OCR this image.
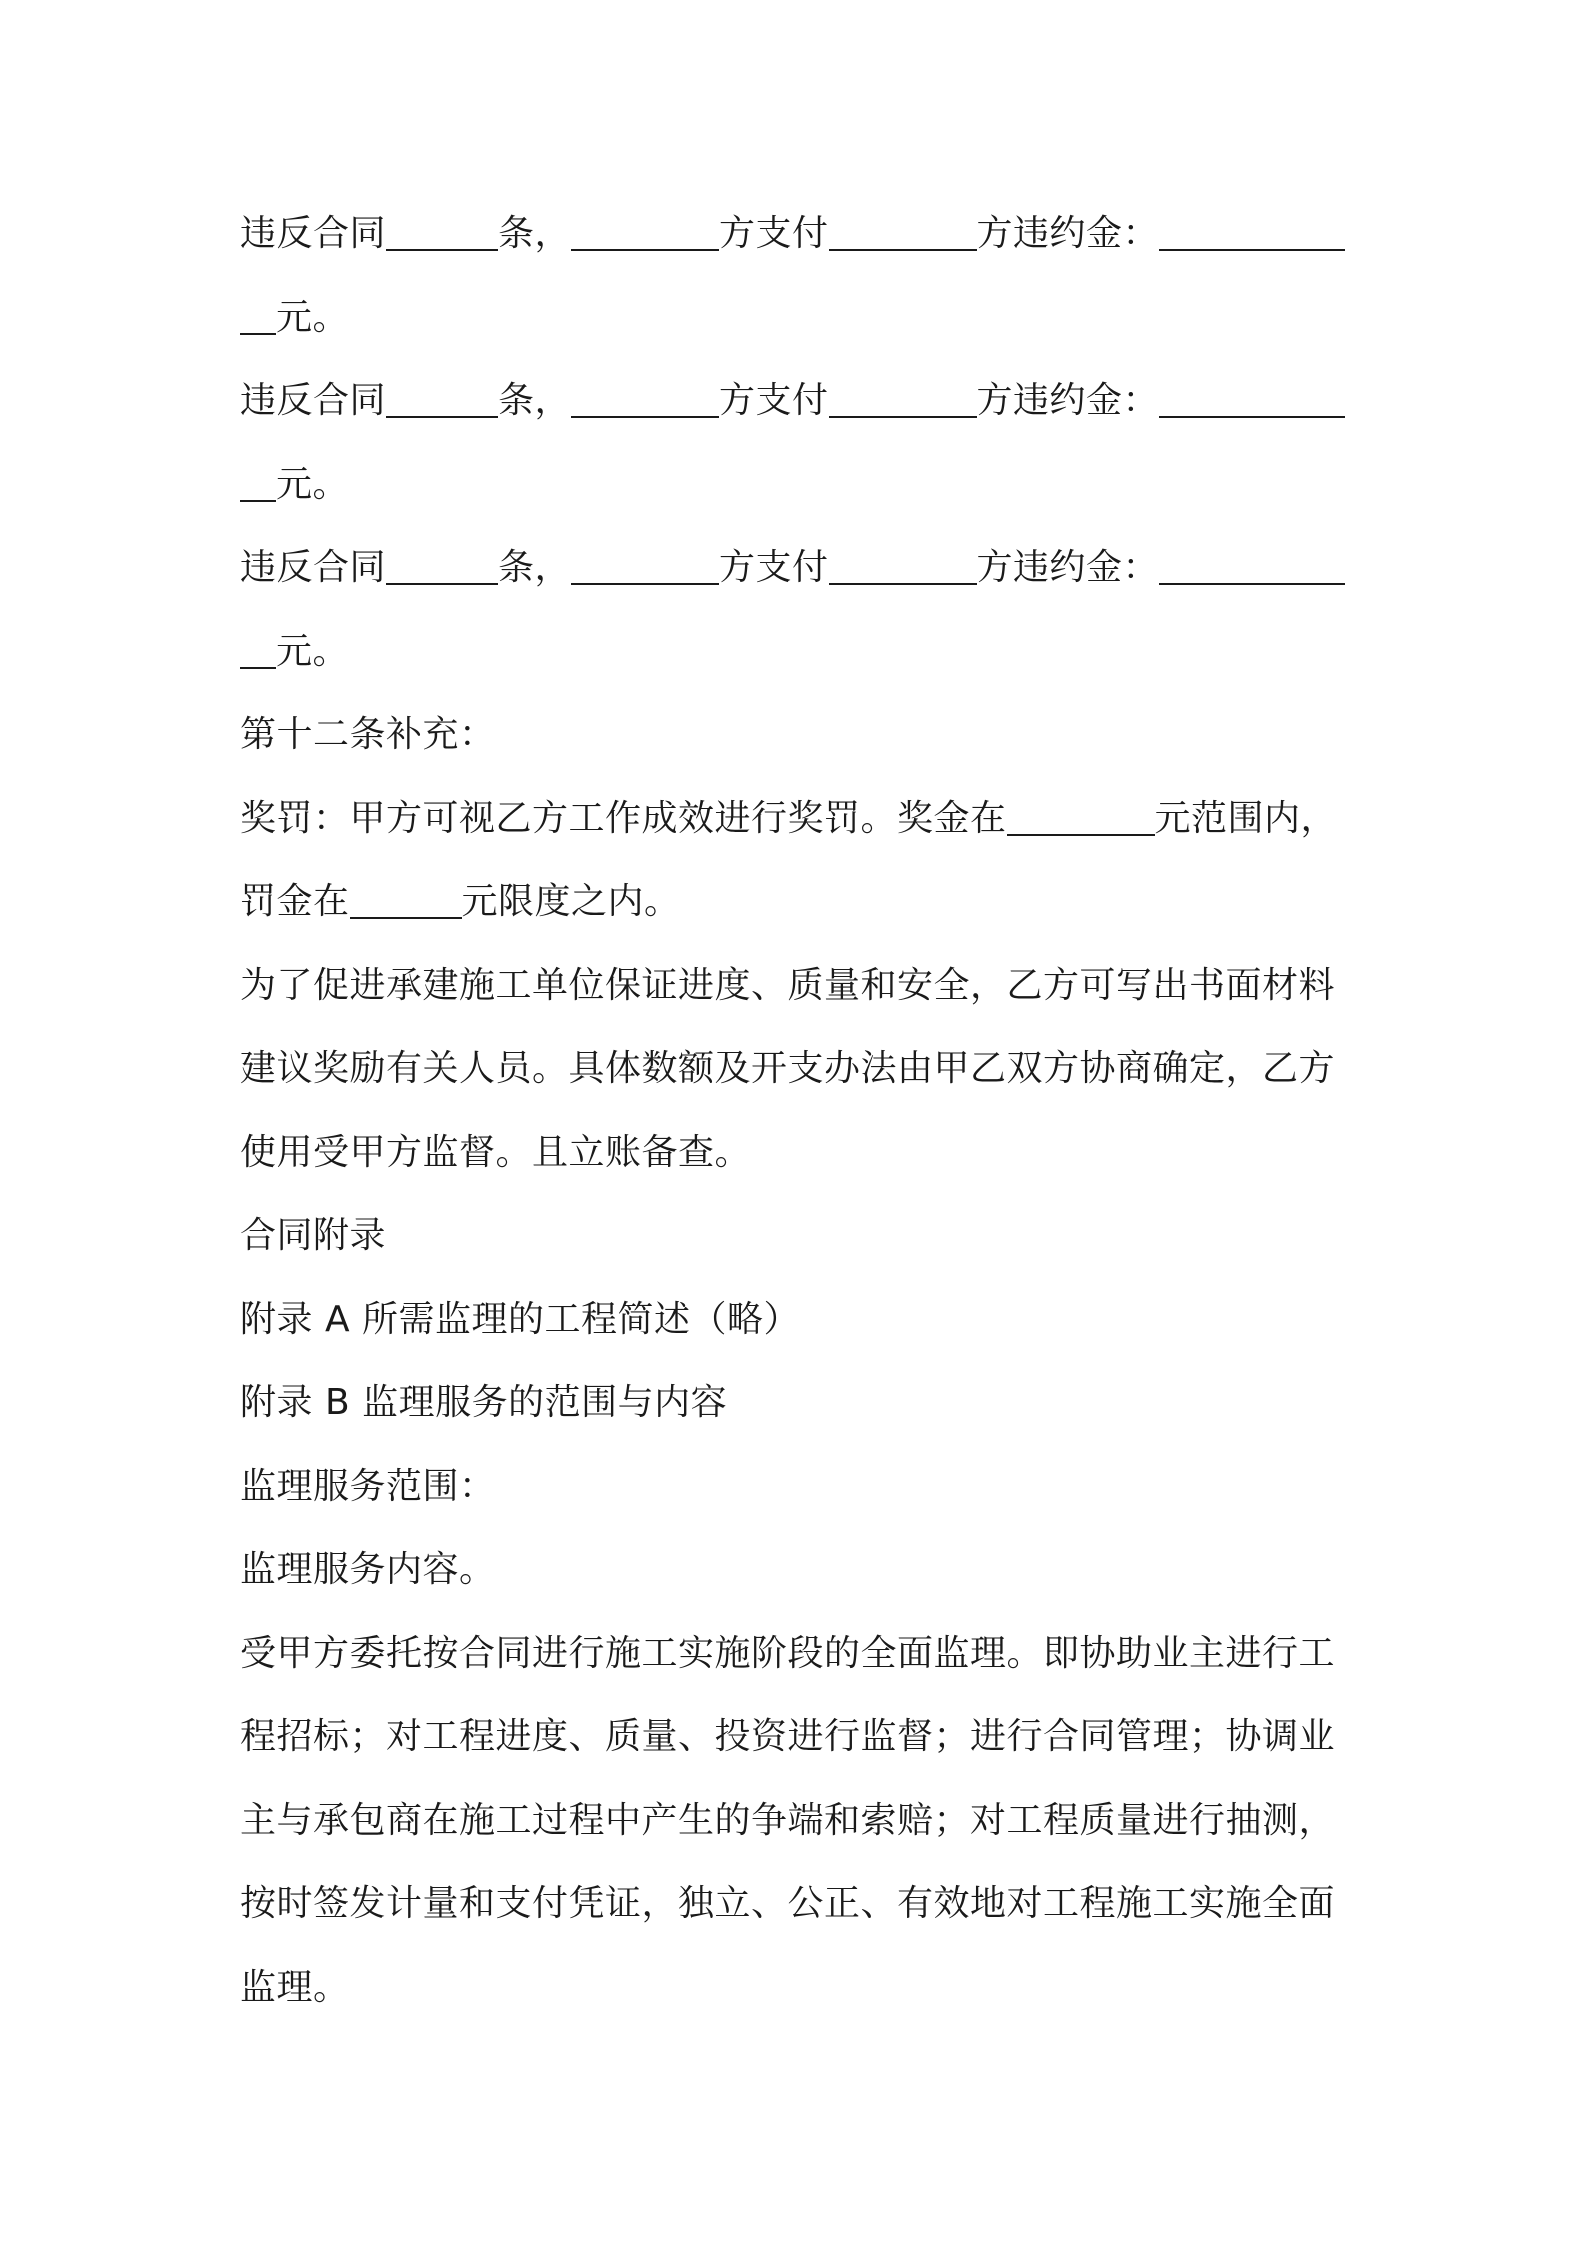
违反合同	条，	方支付	方违约金：
元。
违反合同	条，	方支付	方违约金：
元。
违反合同	条，	方支付	方违约金：
元。
第十二条补充：
奖罚：甲方可视乙方工作成效进行奖罚。奖金在	元范围内，
罚金在	元限度之内。
为了促进承建施工单位保证进度、质量和安全，乙方可写出书面材料
建议奖励有关人员。具体数额及开支办法由甲乙双方协商确定，乙方
使用受甲方监督。且立账备查。
合同附录
附录 A 所需监理的工程简述（略）
附录 B 监理服务的范围与内容
监理服务范围：
监理服务内容。
受甲方委托按合同进行施工实施阶段的全面监理。即协助业主进行工
程招标；对工程进度、质量、投资进行监督；进行合同管理；协调业
主与承包商在施工过程中产生的争端和索赔；对工程质量进行抽测，
按时签发计量和支付凭证，独立、公正、有效地对工程施工实施全面
监理。
